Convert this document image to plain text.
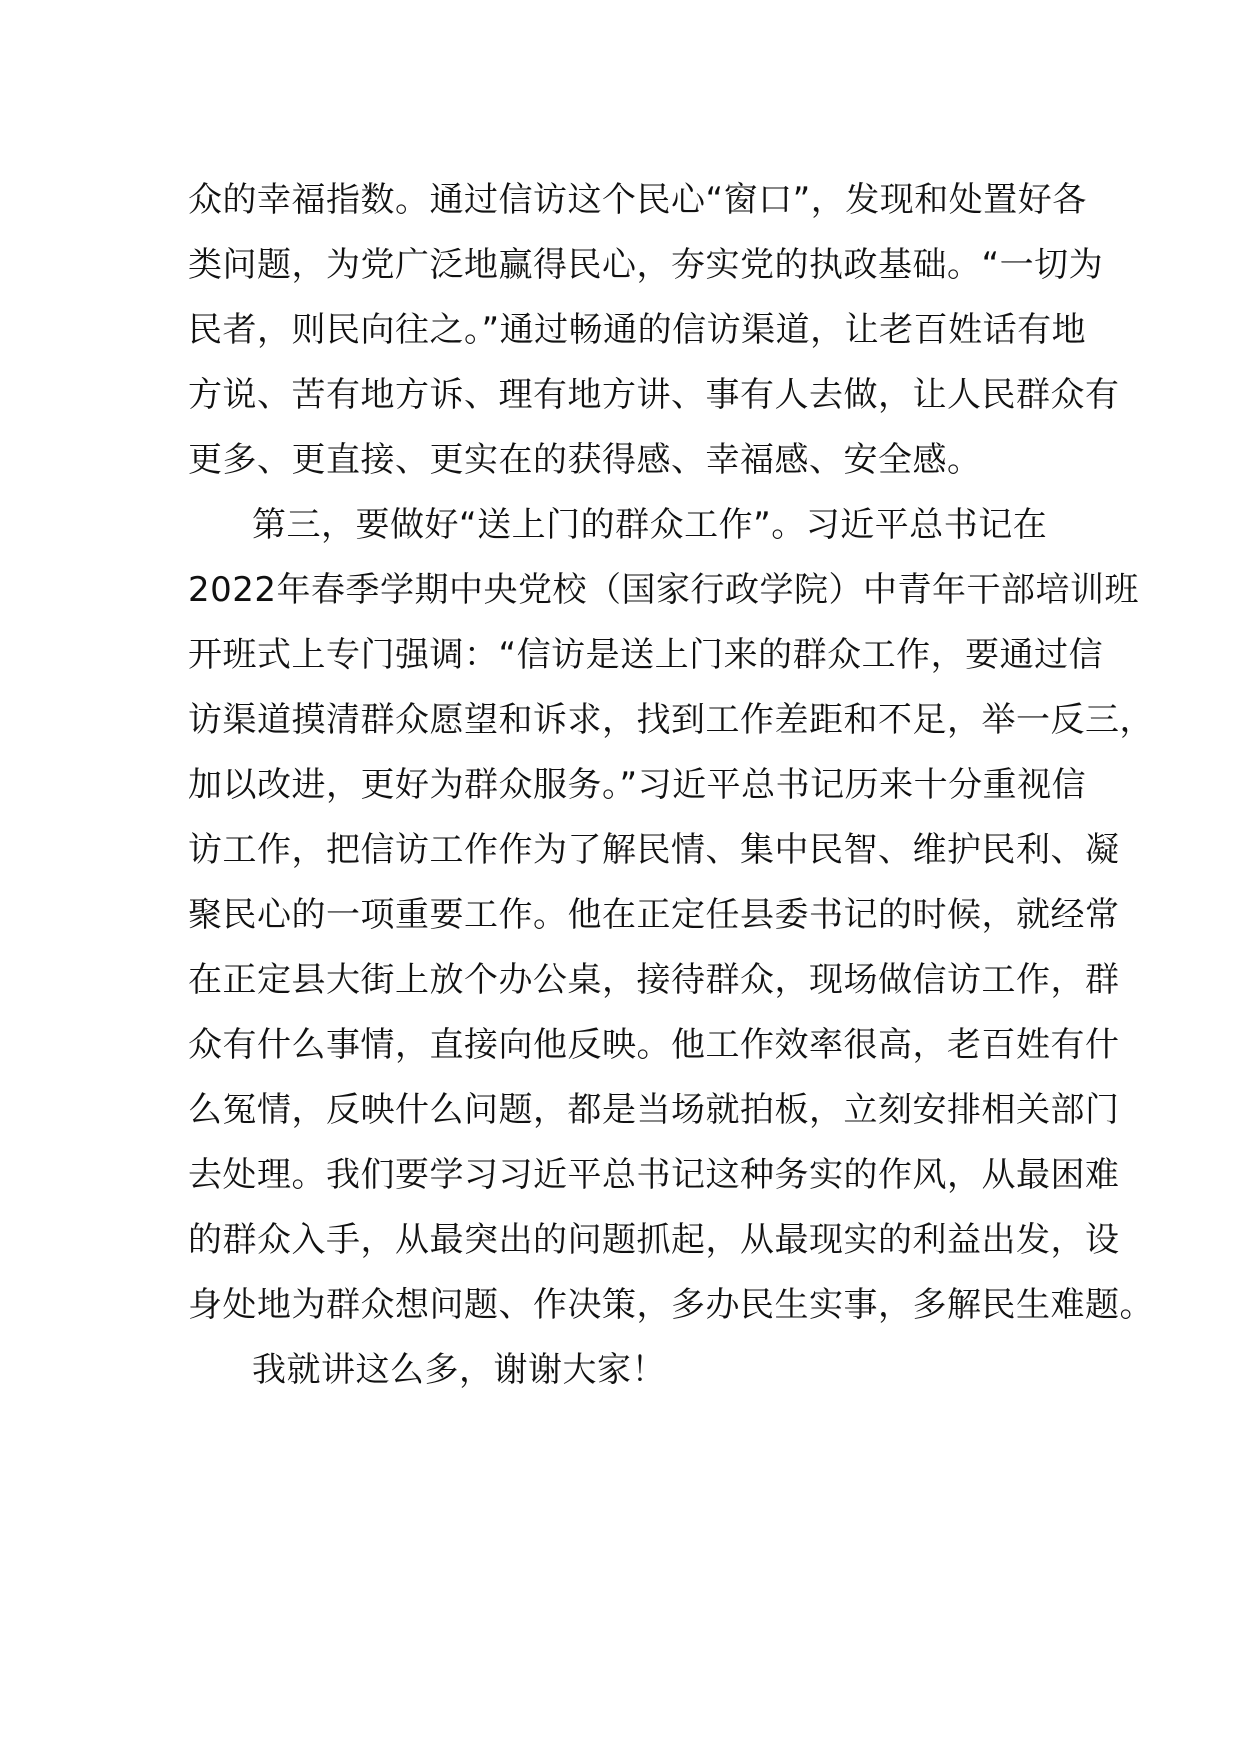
众的幸福指数。通过信访这个民心“窗口”，发现和处置好各
类问题，为党广泛地赢得民心，夯实党的执政基础。“一切为
民者，则民向往之。”通过畅通的信访渠道，让老百姓话有地
方说、苦有地方诉、理有地方讲、事有人去做，让人民群众有
更多、更直接、更实在的获得感、幸福感、安全感。
第三，要做好“送上门的群众工作”。习近平总书记在
2022年春季学期中央党校（国家行政学院）中青年干部培训班
开班式上专门强调：“信访是送上门来的群众工作，要通过信
访渠道摸清群众愿望和诉求，找到工作差距和不足，举一反三，
加以改进，更好为群众服务。”习近平总书记历来十分重视信
访工作，把信访工作作为了解民情、集中民智、维护民利、凝
聚民心的一项重要工作。他在正定任县委书记的时候，就经常
在正定县大街上放个办公桌，接待群众，现场做信访工作，群
众有什么事情，直接向他反映。他工作效率很高，老百姓有什
么冤情，反映什么问题，都是当场就拍板，立刻安排相关部门
去处理。我们要学习习近平总书记这种务实的作风，从最困难
的群众入手，从最突出的问题抓起，从最现实的利益出发，设
身处地为群众想问题、作决策，多办民生实事，多解民生难题。
我就讲这么多，谢谢大家！
